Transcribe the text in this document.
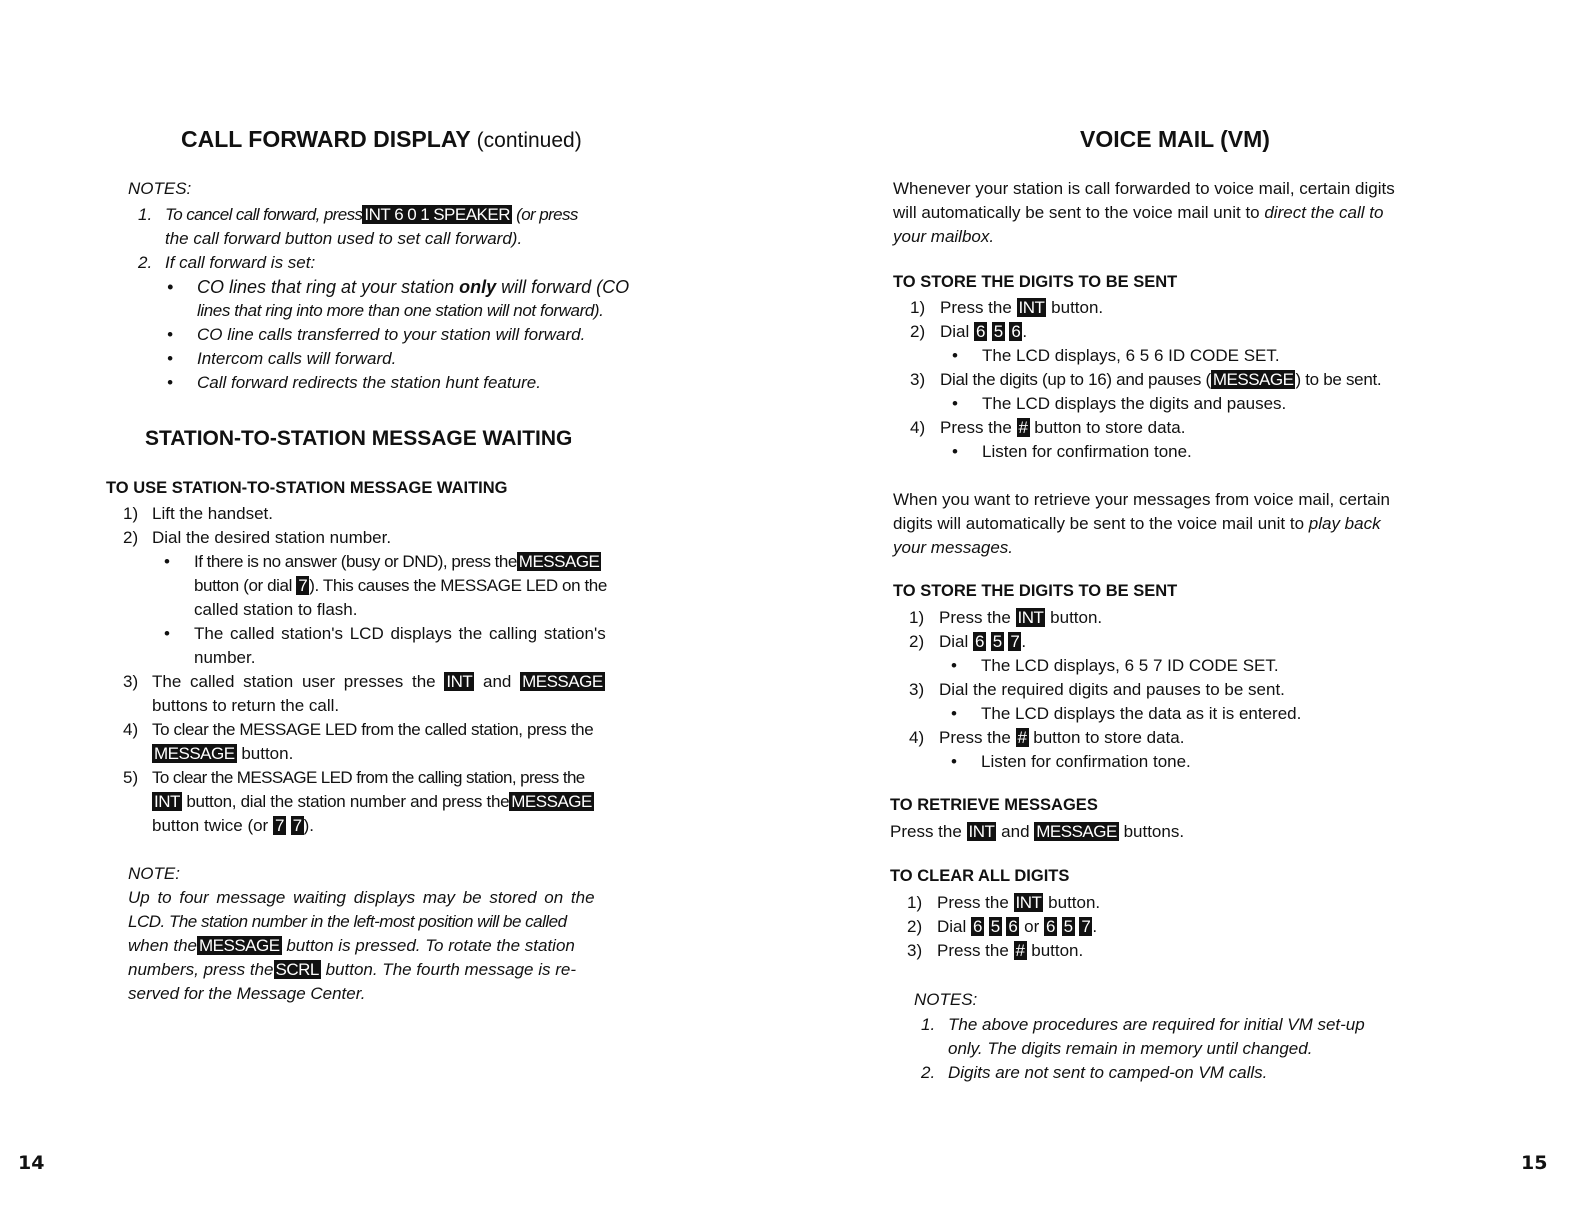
CALL FORWARD DISPLAY (continued)
NOTES:
1. To cancel call forward, press INT 6 0 1 SPEAKER (or press
the call forward button used to set call forward).
2. If call forward is set:
• CO lines that ring at your station only will forward (CO
lines that ring into more than one station will not forward).
• CO line calls transferred to your station will forward.
• Intercom calls will forward.
• Call forward redirects the station hunt feature.
STATION-TO-STATION MESSAGE WAITING
TO USE STATION-TO-STATION MESSAGE WAITING
1) Lift the handset.
2) Dial the desired station number.
• If there is no answer (busy or DND), press the MESSAGE
button (or dial 7 ). This causes the MESSAGE LED on the
called station to flash.
• The called station's LCD displays the calling station's
number.
3) The called station user presses the INT and MESSAGE
buttons to return the call.
4) To clear the MESSAGE LED from the called station, press the
MESSAGE button.
5) To clear the MESSAGE LED from the calling station, press the
INT button, dial the station number and press the MESSAGE
button twice (or 7 7 ).
NOTE:
Up to four message waiting displays may be stored on the
LCD. The station number in the left-most position will be called
when the MESSAGE button is pressed. To rotate the station
numbers, press the SCRL button. The fourth message is re-
served for the Message Center.
14
VOICE MAIL (VM)
Whenever your station is call forwarded to voice mail, certain digits
will automatically be sent to the voice mail unit to direct the call to
your mailbox.
TO STORE THE DIGITS TO BE SENT
1) Press the INT button.
2) Dial 6 5 6 .
• The LCD displays, 6 5 6 ID CODE SET.
3) Dial the digits (up to 16) and pauses ( MESSAGE ) to be sent.
• The LCD displays the digits and pauses.
4) Press the # button to store data.
• Listen for confirmation tone.
When you want to retrieve your messages from voice mail, certain
digits will automatically be sent to the voice mail unit to play back
your messages.
TO STORE THE DIGITS TO BE SENT
1) Press the INT button.
2) Dial 6 5 7 .
• The LCD displays, 6 5 7 ID CODE SET.
3) Dial the required digits and pauses to be sent.
• The LCD displays the data as it is entered.
4) Press the # button to store data.
• Listen for confirmation tone.
TO RETRIEVE MESSAGES
Press the INT and MESSAGE buttons.
TO CLEAR ALL DIGITS
1) Press the INT button.
2) Dial 6 5 6 or 6 5 7 .
3) Press the # button.
NOTES:
1. The above procedures are required for initial VM set-up
only. The digits remain in memory until changed.
2. Digits are not sent to camped-on VM calls.
15
